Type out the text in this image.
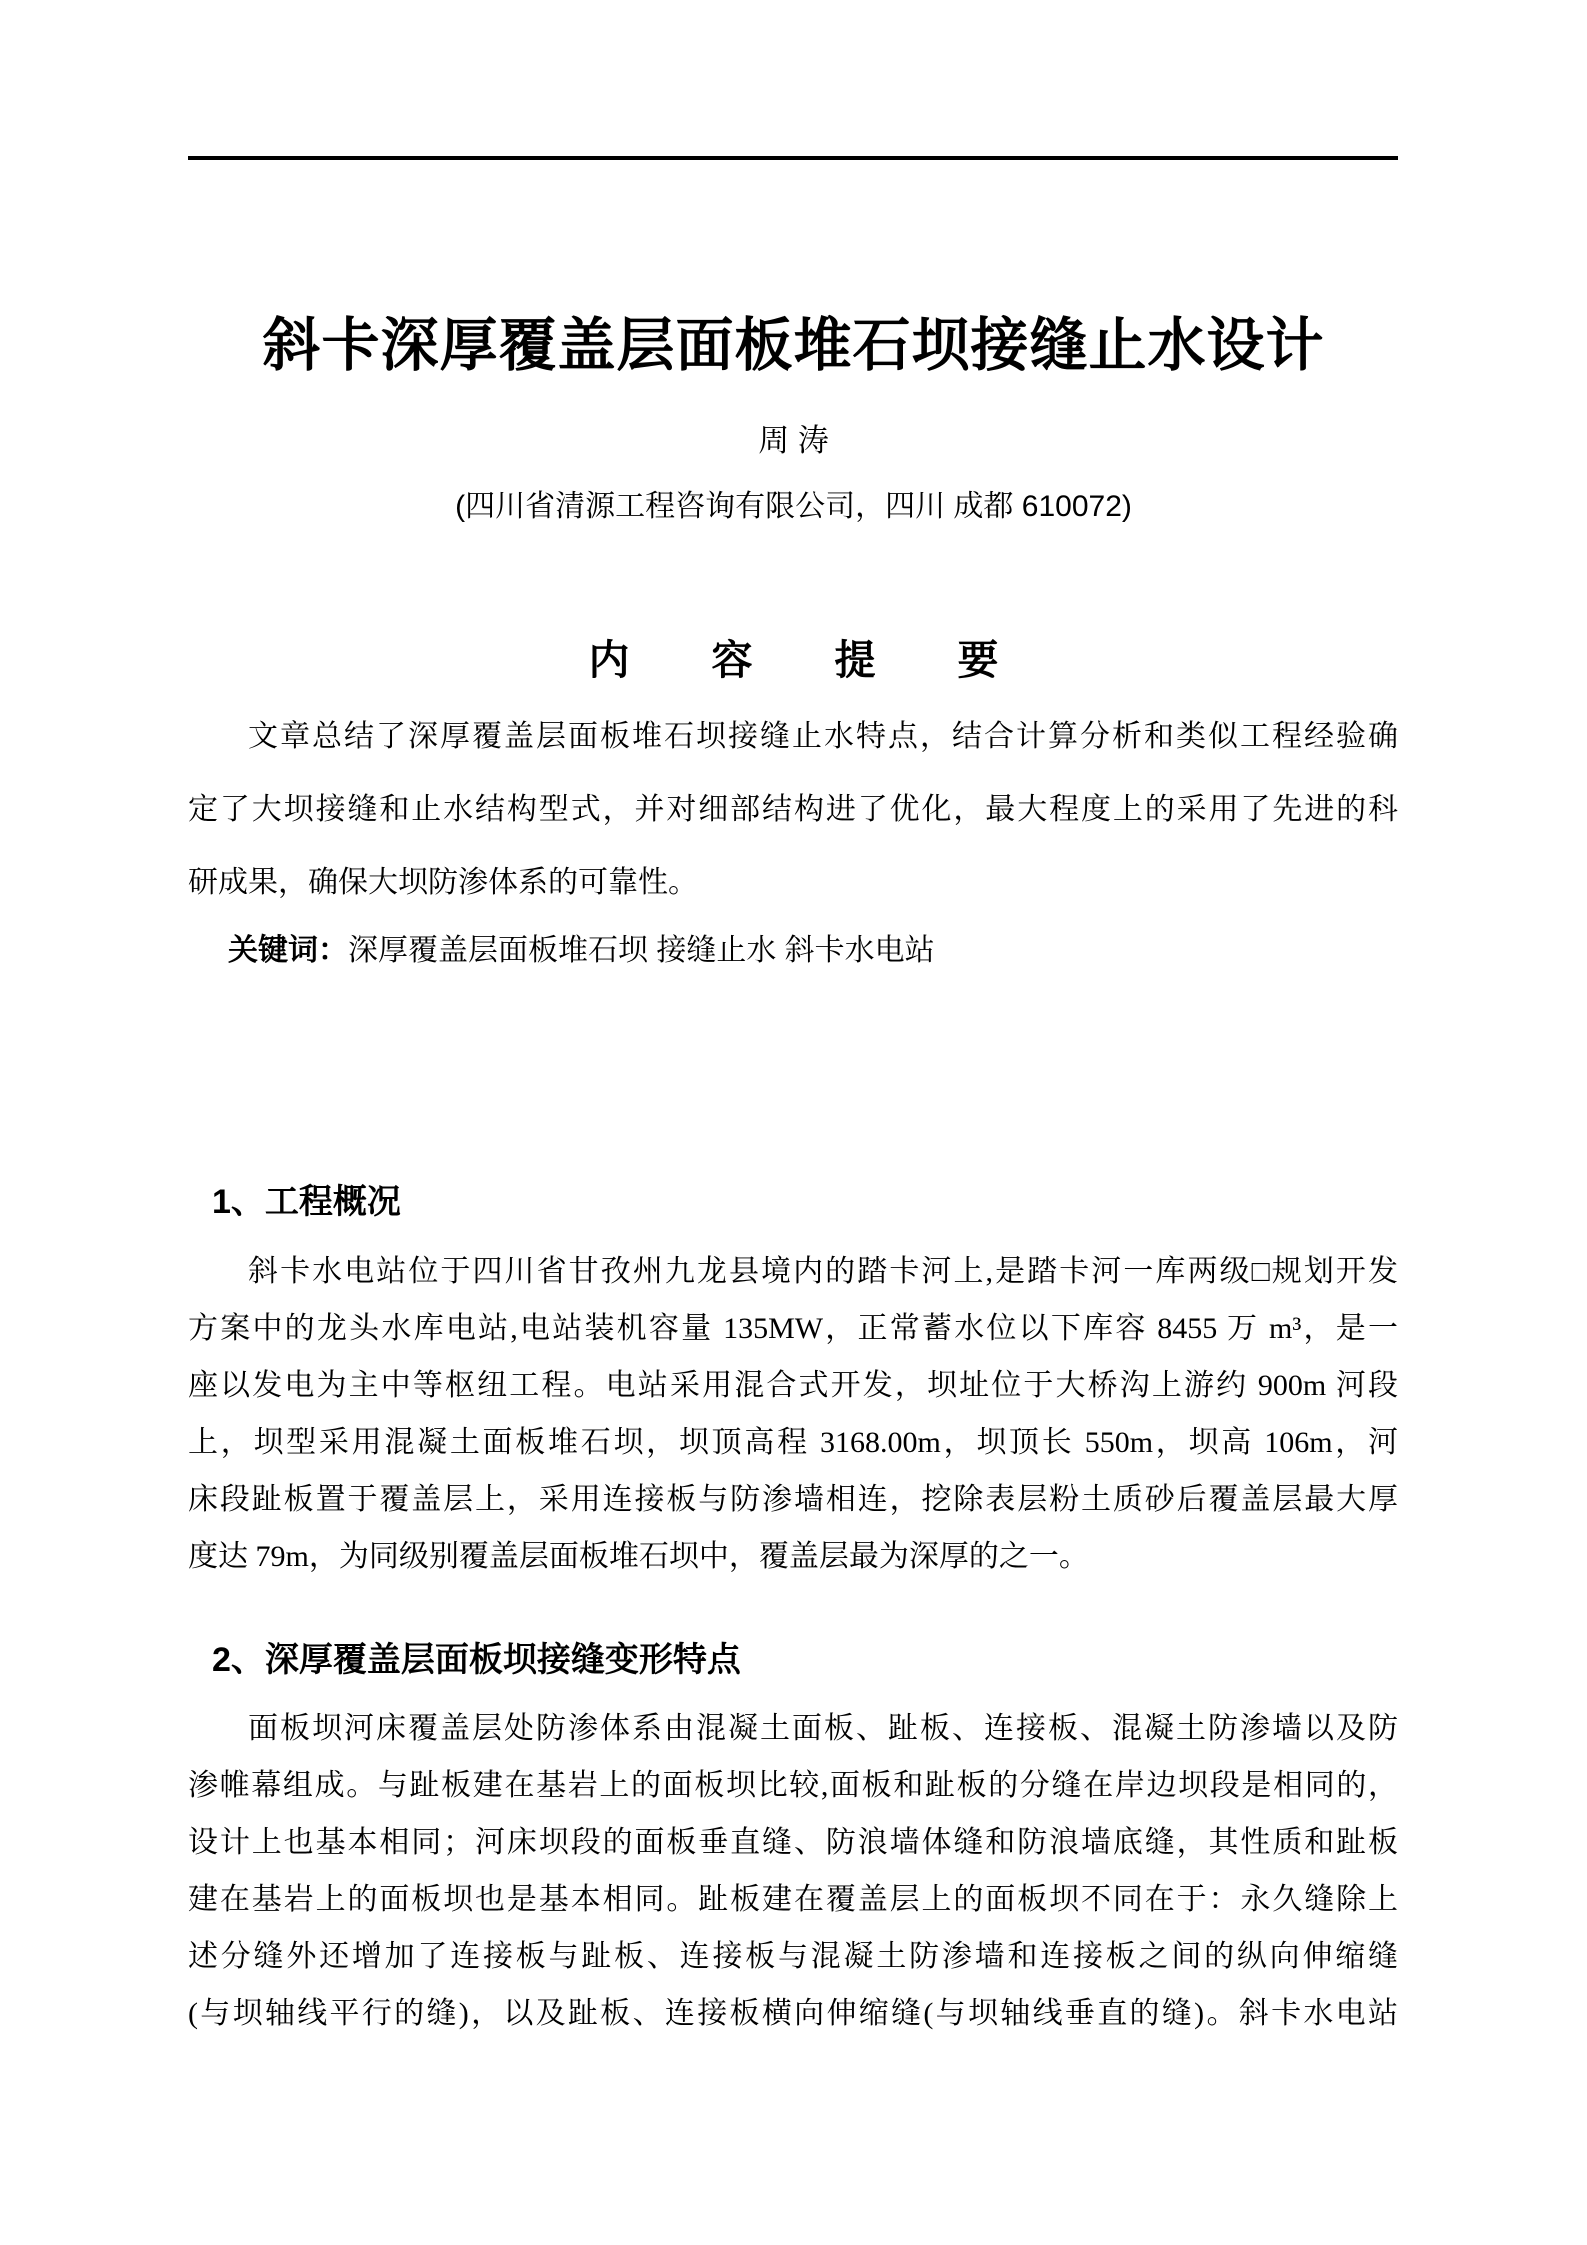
斜卡深厚覆盖层面板堆石坝接缝止水设计
周 涛
(四川省清源工程咨询有限公司，四川 成都 610072)
内　　容　　提　　要
文章总结了深厚覆盖层面板堆石坝接缝止水特点，结合计算分析和类似工程经验确
定了大坝接缝和止水结构型式，并对细部结构进了优化，最大程度上的采用了先进的科
研成果，确保大坝防渗体系的可靠性。
关键词：深厚覆盖层面板堆石坝 接缝止水 斜卡水电站
1、工程概况
斜卡水电站位于四川省甘孜州九龙县境内的踏卡河上,是踏卡河一库两级□规划开发
方案中的龙头水库电站,电站装机容量 135MW，正常蓄水位以下库容 8455 万 m³，是一
座以发电为主中等枢纽工程。电站采用混合式开发，坝址位于大桥沟上游约 900m 河段
上，坝型采用混凝土面板堆石坝，坝顶高程 3168.00m，坝顶长 550m，坝高 106m，河
床段趾板置于覆盖层上，采用连接板与防渗墙相连，挖除表层粉土质砂后覆盖层最大厚
度达 79m，为同级别覆盖层面板堆石坝中，覆盖层最为深厚的之一。
2、深厚覆盖层面板坝接缝变形特点
面板坝河床覆盖层处防渗体系由混凝土面板、趾板、连接板、混凝土防渗墙以及防
渗帷幕组成。与趾板建在基岩上的面板坝比较,面板和趾板的分缝在岸边坝段是相同的，
设计上也基本相同；河床坝段的面板垂直缝、防浪墙体缝和防浪墙底缝，其性质和趾板
建在基岩上的面板坝也是基本相同。趾板建在覆盖层上的面板坝不同在于：永久缝除上
述分缝外还增加了连接板与趾板、连接板与混凝土防渗墙和连接板之间的纵向伸缩缝
(与坝轴线平行的缝)，以及趾板、连接板横向伸缩缝(与坝轴线垂直的缝)。斜卡水电站
